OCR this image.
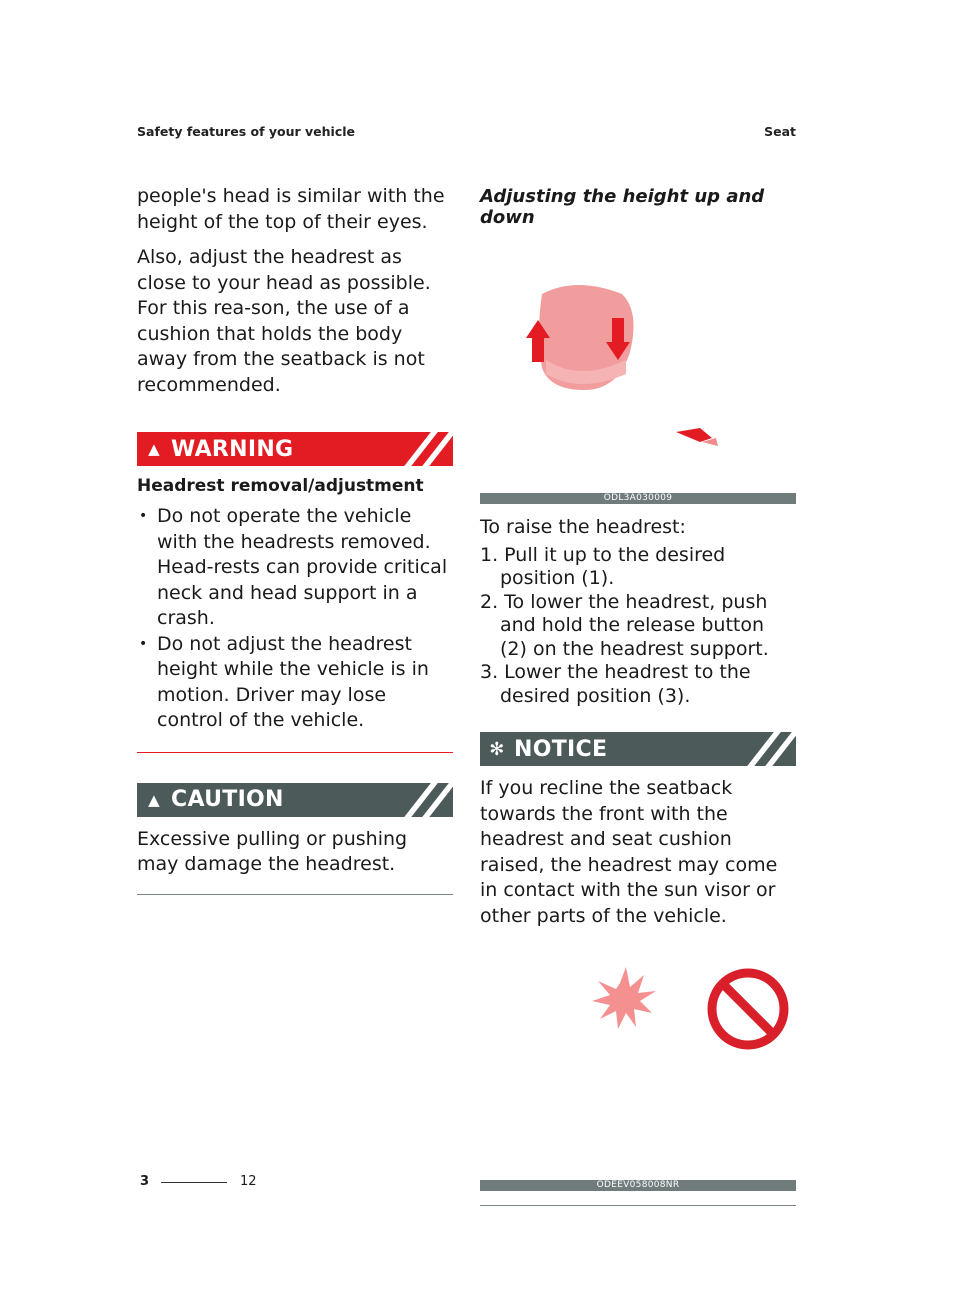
Safety features of your vehicle	Seat

people's head is similar with the height of the top of their eyes.

Also, adjust the headrest as close to your head as possible. For this rea-son, the use of a cushion that holds the body away from the seatback is not recommended.

▲ WARNING
Headrest removal/adjustment
• Do not operate the vehicle with the headrests removed. Head-rests can provide critical neck and head support in a crash.
• Do not adjust the headrest height while the vehicle is in motion. Driver may lose control of the vehicle.
▲ CAUTION

Excessive pulling or pushing may damage the headrest.

Adjusting the height up and down
ODL3A030009

To raise the headrest:

1. Pull it up to the desired position (1).
2. To lower the headrest, push and hold the release button (2) on the headrest support.
3. Lower the headrest to the desired position (3).
✻ NOTICE

If you recline the seatback towards the front with the headrest and seat cushion raised, the headrest may come in contact with the sun visor or other parts of the vehicle.

ODEEV058008NR
3	12
